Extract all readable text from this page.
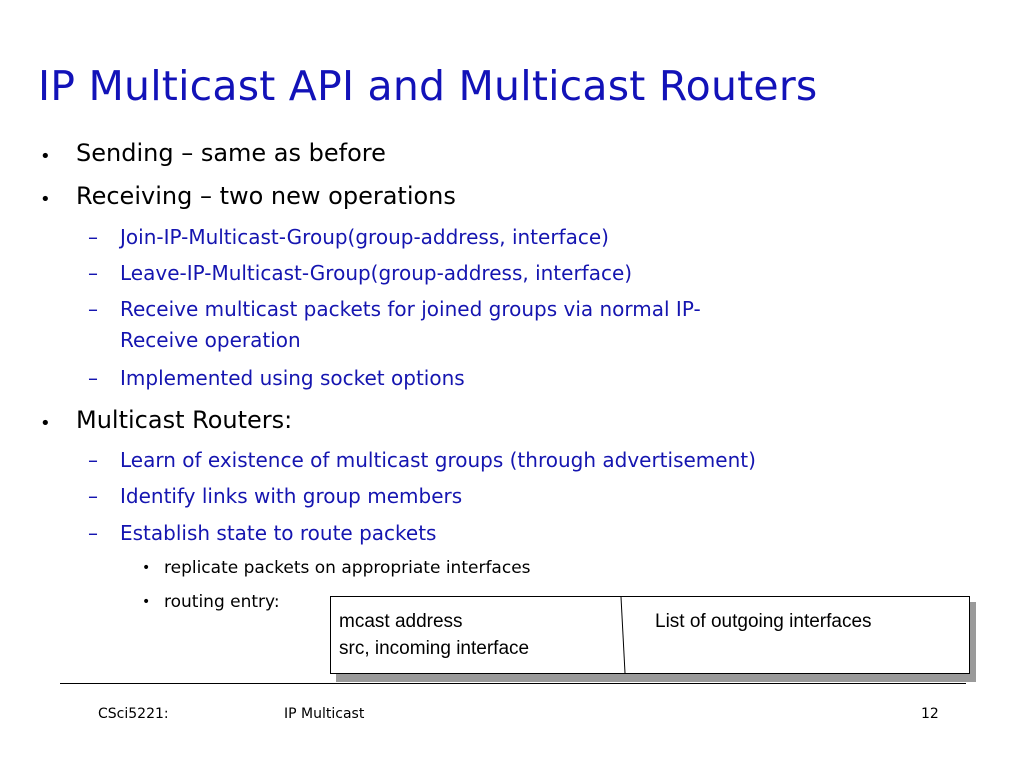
IP Multicast API and Multicast Routers
• Sending – same as before
• Receiving – two new operations
– Join-IP-Multicast-Group(group-address, interface)
– Leave-IP-Multicast-Group(group-address, interface)
– Receive multicast packets for joined groups via normal IP-
Receive operation
– Implemented using socket options
• Multicast Routers:
– Learn of existence of multicast groups (through advertisement)
– Identify links with group members
– Establish state to route packets
• replicate packets on appropriate interfaces
• routing entry:
mcast address
src, incoming interface
List of outgoing interfaces
CSci5221:	IP Multicast	12
